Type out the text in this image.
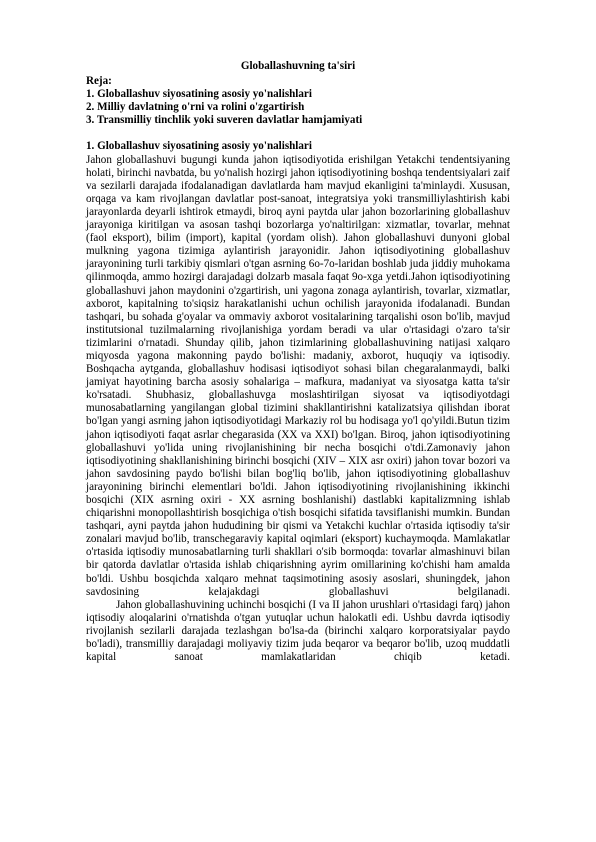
Globallashuvning ta'siri
Reja:
1. Globallashuv siyosatining asosiy yo'nalishlari
2. Milliy davlatning o'rni va rolini o'zgartirish
3. Transmilliy tinchlik yoki suveren davlatlar hamjamiyati
1. Globallashuv siyosatining asosiy yo'nalishlari

Jahon globallashuvi bugungi kunda jahon iqtisodiyotida erishilgan Yetakchi tendentsiyaning holati, birinchi navbatda, bu yo'nalish hozirgi jahon iqtisodiyotining boshqa tendentsiyalari zaif va sezilarli darajada ifodalanadigan davlatlarda ham mavjud ekanligini ta'minlaydi. Xususan, orqaga va kam rivojlangan davlatlar post-sanoat, integratsiya yoki transmilliylashtirish kabi jarayonlarda deyarli ishtirok etmaydi, biroq ayni paytda ular jahon bozorlarining globallashuv jarayoniga kiritilgan va asosan tashqi bozorlarga yo'naltirilgan: xizmatlar, tovarlar, mehnat (faol eksport), bilim (import), kapital (yordam olish). Jahon globallashuvi dunyoni global mulkning yagona tizimiga aylantirish jarayonidir. Jahon iqtisodiyotining globallashuv jarayonining turli tarkibiy qismlari o'tgan asrning 6o-7o-laridan boshlab juda jiddiy muhokama qilinmoqda, ammo hozirgi darajadagi dolzarb masala faqat 9o-xga yetdi.Jahon iqtisodiyotining globallashuvi jahon maydonini o'zgartirish, uni yagona zonaga aylantirish, tovarlar, xizmatlar, axborot, kapitalning to'siqsiz harakatlanishi uchun ochilish jarayonida ifodalanadi. Bundan tashqari, bu sohada g'oyalar va ommaviy axborot vositalarining tarqalishi oson bo'lib, mavjud institutsional tuzilmalarning rivojlanishiga yordam beradi va ular o'rtasidagi o'zaro ta'sir tizimlarini o'rnatadi. Shunday qilib, jahon tizimlarining globallashuvining natijasi xalqaro miqyosda yagona makonning paydo bo'lishi: madaniy, axborot, huquqiy va iqtisodiy. Boshqacha aytganda, globallashuv hodisasi iqtisodiyot sohasi bilan chegaralanmaydi, balki jamiyat hayotining barcha asosiy sohalariga – mafkura, madaniyat va siyosatga katta ta'sir ko'rsatadi. Shubhasiz, globallashuvga moslashtirilgan siyosat va iqtisodiyotdagi munosabatlarning yangilangan global tizimini shakllantirishni katalizatsiya qilishdan iborat bo'lgan yangi asrning jahon iqtisodiyotidagi Markaziy rol bu hodisaga yo'l qo'yildi.Butun tizim jahon iqtisodiyoti faqat asrlar chegarasida (XX va XXI) bo'lgan. Biroq, jahon iqtisodiyotining globallashuvi yo'lida uning rivojlanishining bir necha bosqichi o'tdi.Zamonaviy jahon iqtisodiyotining shakllanishining birinchi bosqichi (XIV – XIX asr oxiri) jahon tovar bozori va jahon savdosining paydo bo'lishi bilan bog'liq bo'lib, jahon iqtisodiyotining globallashuv jarayonining birinchi elementlari bo'ldi. Jahon iqtisodiyotining rivojlanishining ikkinchi bosqichi (XIX asrning oxiri - XX asrning boshlanishi) dastlabki kapitalizmning ishlab chiqarishni monopollashtirish bosqichiga o'tish bosqichi sifatida tavsiflanishi mumkin. Bundan tashqari, ayni paytda jahon hududining bir qismi va Yetakchi kuchlar o'rtasida iqtisodiy ta'sir zonalari mavjud bo'lib, transchegaraviy kapital oqimlari (eksport) kuchaymoqda. Mamlakatlar o'rtasida iqtisodiy munosabatlarning turli shakllari o'sib bormoqda: tovarlar almashinuvi bilan bir qatorda davlatlar o'rtasida ishlab chiqarishning ayrim omillarining ko'chishi ham amalda bo'ldi. Ushbu bosqichda xalqaro mehnat taqsimotining asosiy asoslari, shuningdek, jahon savdosining kelajakdagi globallashuvi belgilanadi.

Jahon globallashuvining uchinchi bosqichi (I va II jahon urushlari o'rtasidagi farq) jahon iqtisodiy aloqalarini o'rnatishda o'tgan yutuqlar uchun halokatli edi. Ushbu davrda iqtisodiy rivojlanish sezilarli darajada tezlashgan bo'lsa-da (birinchi xalqaro korporatsiyalar paydo bo'ladi), transmilliy darajadagi moliyaviy tizim juda beqaror va beqaror bo'lib, uzoq muddatli kapital sanoat mamlakatlaridan chiqib ketadi.
